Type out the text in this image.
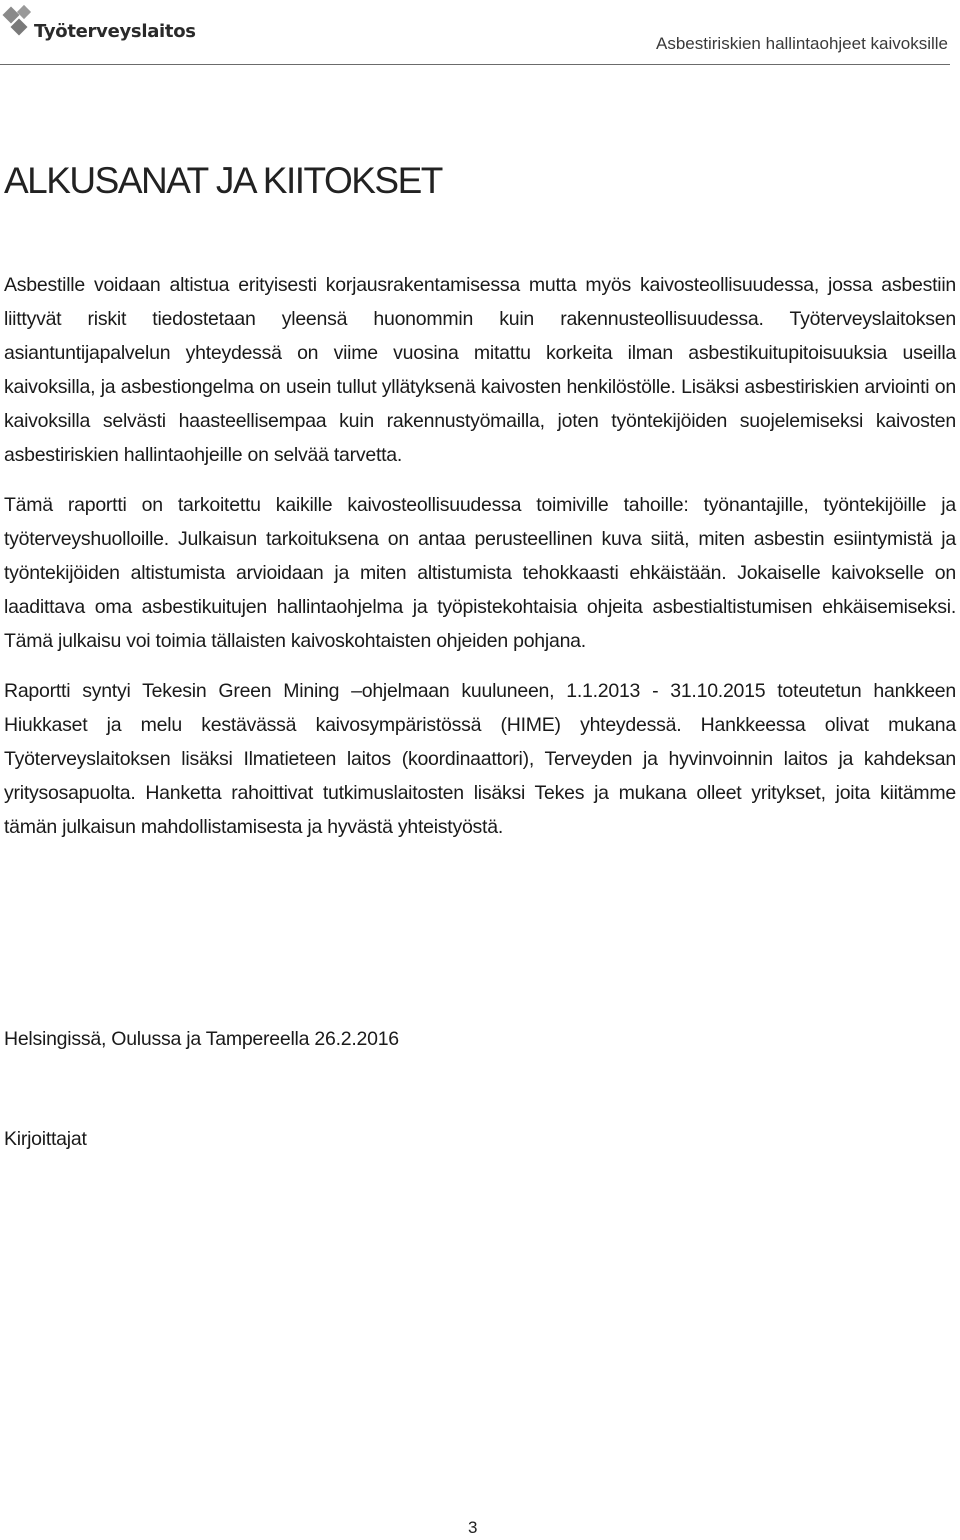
Työterveyslaitos
Asbestiriskien hallintaohjeet kaivoksille
ALKUSANAT JA KIITOKSET

Asbestille voidaan altistua erityisesti korjausrakentamisessa mutta myös kaivosteollisuudessa, jossa asbestiin liittyvät riskit tiedostetaan yleensä huonommin kuin rakennusteollisuudessa. Työterveyslaitoksen asiantuntijapalvelun yhteydessä on viime vuosina mitattu korkeita ilman asbestikuitupitoisuuksia useilla kaivoksilla, ja asbestiongelma on usein tullut yllätyksenä kaivosten henkilöstölle. Lisäksi asbestiriskien arviointi on kaivoksilla selvästi haasteellisempaa kuin rakennustyömailla, joten työntekijöiden suojelemiseksi kaivosten asbestiriskien hallintaohjeille on selvää tarvetta.

Tämä raportti on tarkoitettu kaikille kaivosteollisuudessa toimiville tahoille: työnantajille, työntekijöille ja työterveyshuolloille. Julkaisun tarkoituksena on antaa perusteellinen kuva siitä, miten asbestin esiintymistä ja työntekijöiden altistumista arvioidaan ja miten altistumista tehokkaasti ehkäistään. Jokaiselle kaivokselle on laadittava oma asbestikuitujen hallintaohjelma ja työpistekohtaisia ohjeita asbestialtistumisen ehkäisemiseksi. Tämä julkaisu voi toimia tällaisten kaivoskohtaisten ohjeiden pohjana.

Raportti syntyi Tekesin Green Mining –ohjelmaan kuuluneen, 1.1.2013 - 31.10.2015 toteutetun hankkeen Hiukkaset ja melu kestävässä kaivosympäristössä (HIME) yhteydessä. Hankkeessa olivat mukana Työterveyslaitoksen lisäksi Ilmatieteen laitos (koordinaattori), Terveyden ja hyvinvoinnin laitos ja kahdeksan yritysosapuolta. Hanketta rahoittivat tutkimuslaitosten lisäksi Tekes ja mukana olleet yritykset, joita kiitämme tämän julkaisun mahdollistamisesta ja hyvästä yhteistyöstä.

Helsingissä, Oulussa ja Tampereella 26.2.2016
Kirjoittajat
3
